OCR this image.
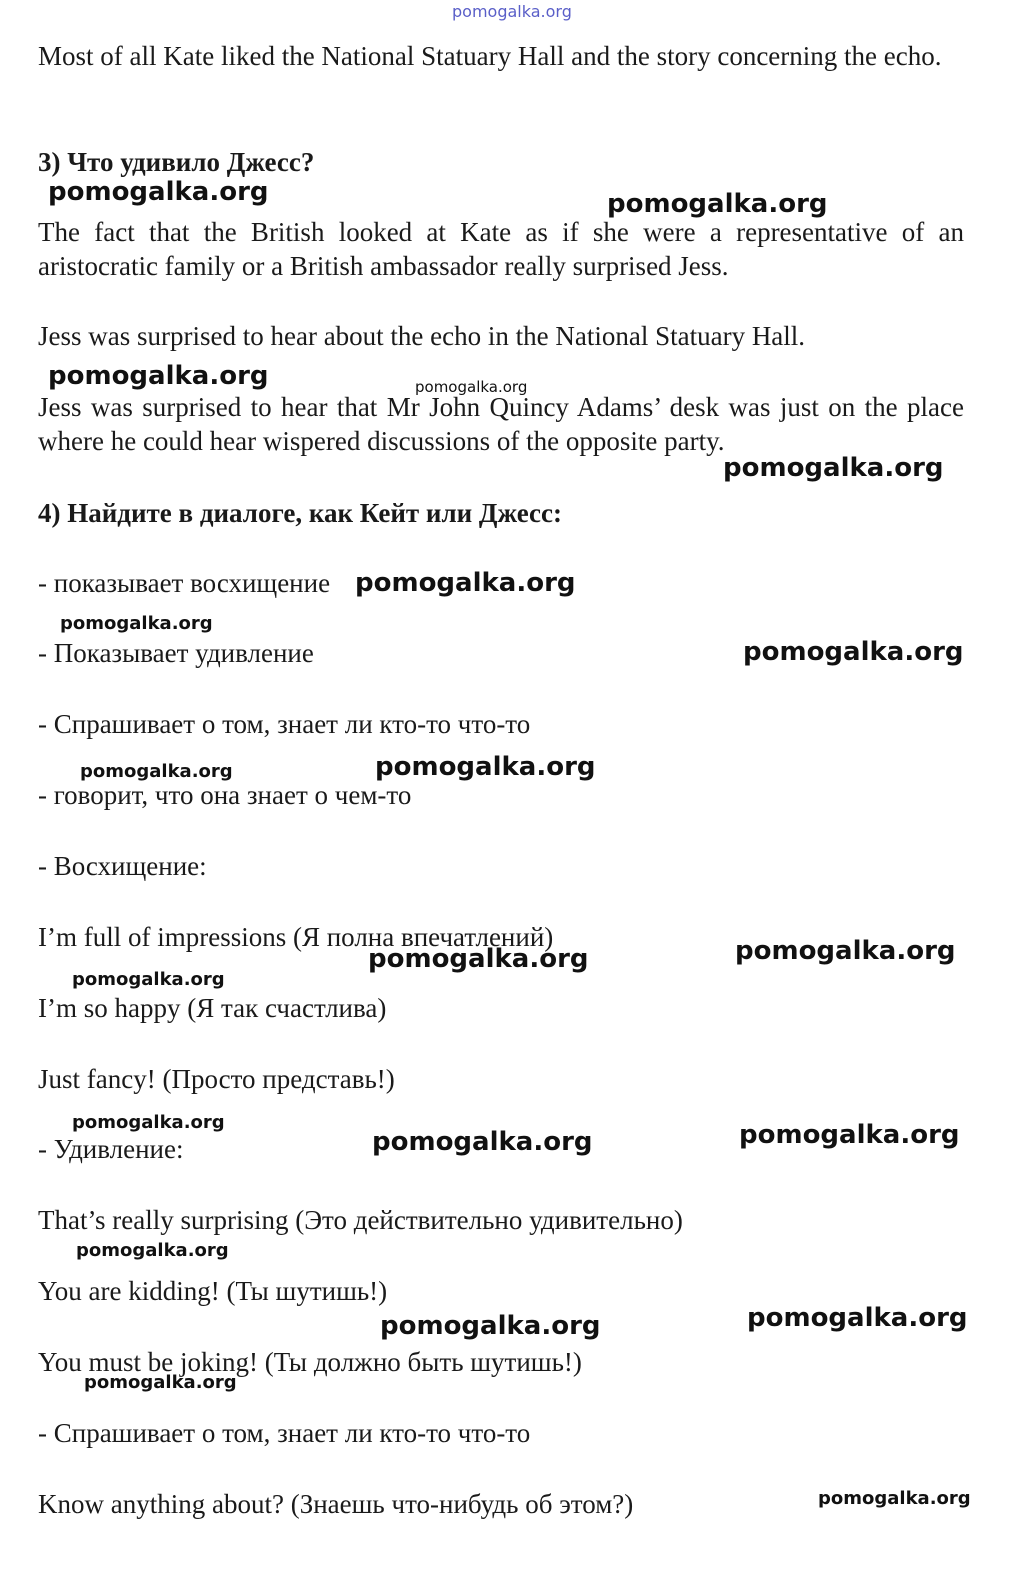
Most of all Kate liked the National Statuary Hall and the story concerning the echo.

3) Что удивило Джесс?

The fact that the British looked at Kate as if she were a representative of an aristocratic family or a British ambassador really surprised Jess.

Jess was surprised to hear about the echo in the National Statuary Hall.

Jess was surprised to hear that Mr John Quincy Adams’ desk was just on the place where he could hear wispered discussions of the opposite party.

4) Найдите в диалоге, как Кейт или Джесс:

- показывает восхищение

- Показывает удивление

- Спрашивает о том, знает ли кто-то что-то

- говорит, что она знает о чем-то

- Восхищение:

I’m full of impressions (Я полна впечатлений)

I’m so happy (Я так счастлива)

Just fancy! (Просто представь!)

- Удивление:

That’s really surprising (Это действительно удивительно)

You are kidding! (Ты шутишь!)

You must be joking! (Ты должно быть шутишь!)

- Спрашивает о том, знает ли кто-то что-то

Know anything about? (Знаешь что-нибудь об этом?)

pomogalka.org
pomogalka.org	pomogalka.org
pomogalka.org	pomogalka.org
pomogalka.org
pomogalka.org
pomogalka.org
pomogalka.org
pomogalka.org	pomogalka.org
pomogalka.org
pomogalka.org
pomogalka.org
pomogalka.org
pomogalka.org	pomogalka.org
pomogalka.org
pomogalka.org
pomogalka.org
pomogalka.org
pomogalka.org
